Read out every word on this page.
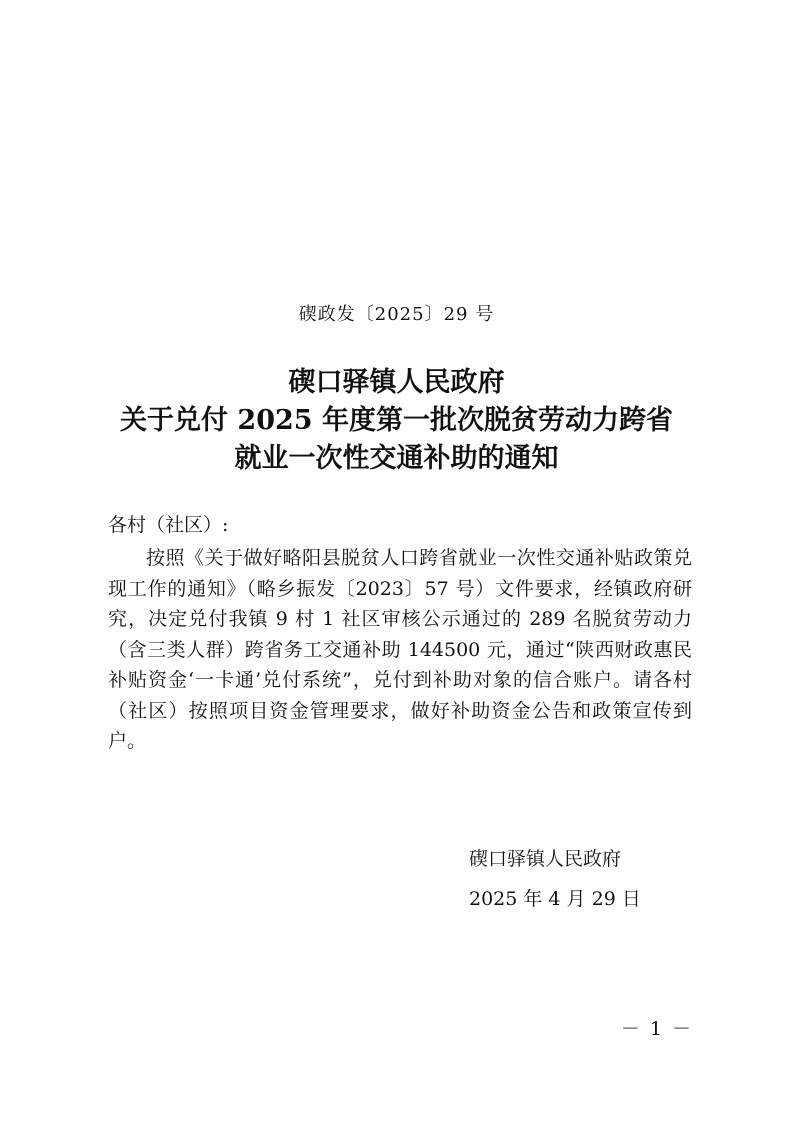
碶政发〔2025〕29 号
碶口驿镇人民政府
关于兑付 2025 年度第一批次脱贫劳动力跨省
就业一次性交通补助的通知
各村（社区）:

按照《关于做好略阳县脱贫人口跨省就业一次性交通补贴政策兑现工作的通知》（略乡振发〔2023〕57 号）文件要求，经镇政府研究，决定兑付我镇 9 村 1 社区审核公示通过的 289 名脱贫劳动力（含三类人群）跨省务工交通补助 144500 元，通过“陕西财政惠民补贴资金‘一卡通’兑付系统”，兑付到补助对象的信合账户。请各村（社区）按照项目资金管理要求，做好补助资金公告和政策宣传到户。

碶口驿镇人民政府
2025 年 4 月 29 日
－ 1 －
